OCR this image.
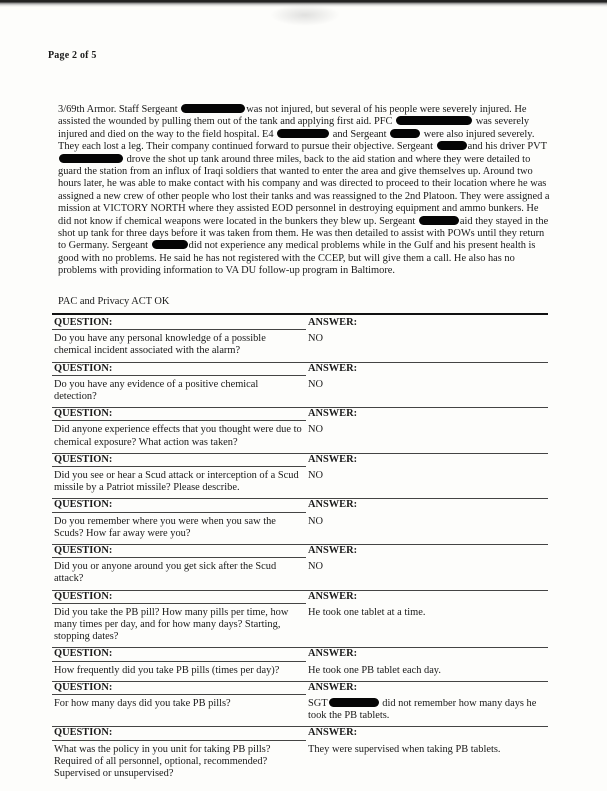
Page 2 of 5
3/69th Armor. Staff Sergeant	was not injured, but several of his people were severely injured. He assisted the wounded by pulling them out of the tank and applying first aid. PFC	was severely injured and died on the way to the field hospital. E4	and Sergeant	were also injured severely. They each lost a leg. Their company continued forward to pursue their objective. Sergeant	and his driver PVT  drove the shot up tank around three miles, back to the aid station and where they were detailed to guard the station from an influx of Iraqi soldiers that wanted to enter the area and give themselves up. Around two hours later, he was able to make contact with his company and was directed to proceed to their location where he was assigned a new crew of other people who lost their tanks and was reassigned to the 2nd Platoon. They were assigned a mission at VICTORY NORTH where they assisted EOD personnel in destroying equipment and ammo bunkers. He did not know if chemical weapons were located in the bunkers they blew up. Sergeant	aid they stayed in the shot up tank for three days before it was taken from them. He was then detailed to assist with POWs until they return to Germany. Sergeant	did not experience any medical problems while in the Gulf and his present health is good with no problems. He said he has not registered with the CCEP, but will give them a call. He also has no problems with providing information to VA DU follow-up program in Baltimore.
PAC and Privacy ACT OK
QUESTION:	ANSWER:
Do you have any personal knowledge of a possible chemical incident associated with the alarm?
NO
QUESTION:	ANSWER:
Do you have any evidence of a positive chemical detection?
NO
QUESTION:	ANSWER:
Did anyone experience effects that you thought were due to chemical exposure? What action was taken?
NO
QUESTION:	ANSWER:
Did you see or hear a Scud attack or interception of a Scud missile by a Patriot missile? Please describe.
NO
QUESTION:	ANSWER:
Do you remember where you were when you saw the Scuds? How far away were you?
NO
QUESTION:	ANSWER:
Did you or anyone around you get sick after the Scud attack?
NO
QUESTION:	ANSWER:
Did you take the PB pill? How many pills per time, how many times per day, and for how many days? Starting, stopping dates?
He took one tablet at a time.
QUESTION:	ANSWER:
How frequently did you take PB pills (times per day)?	He took one PB tablet each day.
QUESTION:	ANSWER:
For how many days did you take PB pills?	SGT	did not remember how many days he took the PB tablets.
QUESTION:	ANSWER:
What was the policy in you unit for taking PB pills? Required of all personnel, optional, recommended? Supervised or unsupervised?
They were supervised when taking PB tablets.
